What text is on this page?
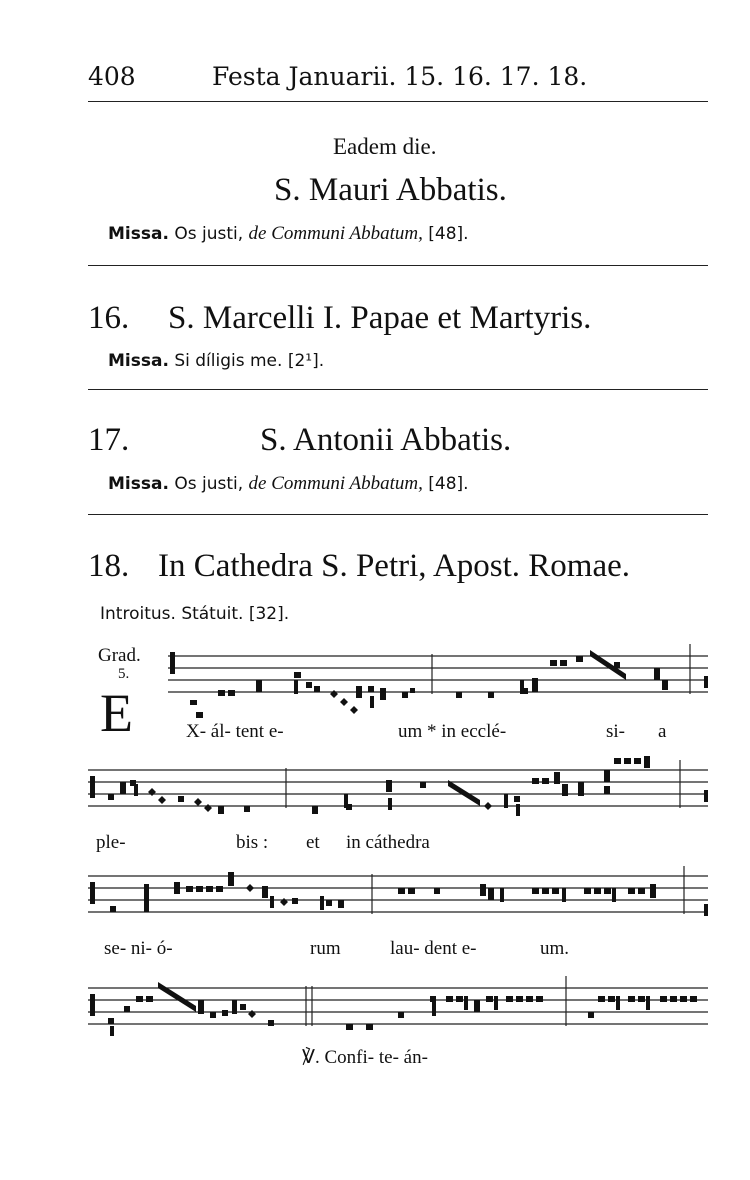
408	Festa Januarii. 15. 16. 17. 18.
Eadem die.
S. Mauri Abbatis.
Missa. Os justi, de Communi Abbatum, [48].
16. S. Marcelli I. Papae et Martyris.
Missa. Si díligis me. [2¹].
17.	S. Antonii Abbatis.
Missa. Os justi, de Communi Abbatum, [48].
18. In Cathedra S. Petri, Apost. Romae.
Introitus. Státuit. [32].
Grad.
5.
E	X- ál- tent e-	um * in ecclé-	si- a
ple-	bis : et in cáthedra
se- ni- ó-	rum	lau- dent e-	um.
℣. Confi- te- án-
